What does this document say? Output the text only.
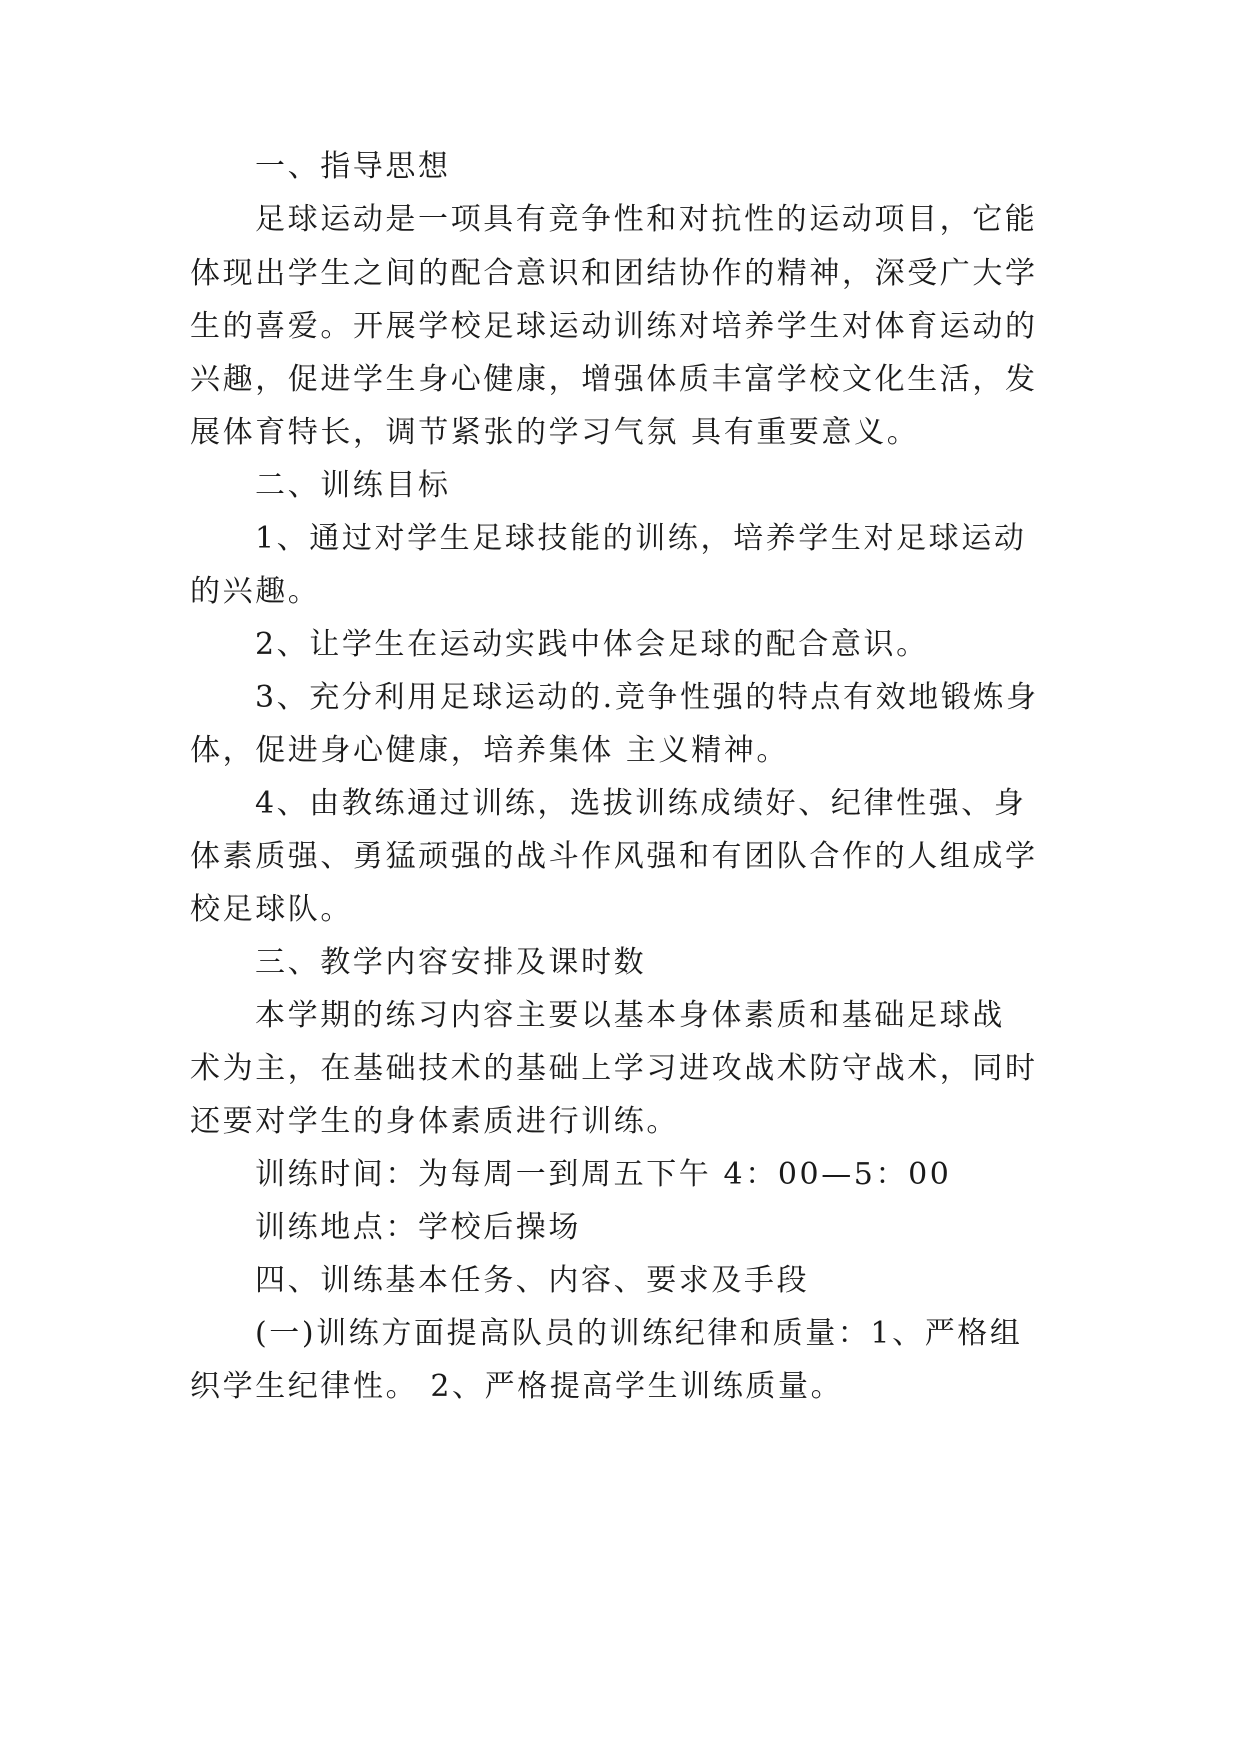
一、指导思想
足球运动是一项具有竞争性和对抗性的运动项目，它能
体现出学生之间的配合意识和团结协作的精神，深受广大学
生的喜爱。开展学校足球运动训练对培养学生对体育运动的
兴趣，促进学生身心健康，增强体质丰富学校文化生活，发
展体育特长，调节紧张的学习气氛 具有重要意义。
二、训练目标
1、通过对学生足球技能的训练，培养学生对足球运动
的兴趣。
2、让学生在运动实践中体会足球的配合意识。
3、充分利用足球运动的.竞争性强的特点有效地锻炼身
体，促进身心健康，培养集体 主义精神。
4、由教练通过训练，选拔训练成绩好、纪律性强、身
体素质强、勇猛顽强的战斗作风强和有团队合作的人组成学
校足球队。
三、教学内容安排及课时数
本学期的练习内容主要以基本身体素质和基础足球战
术为主，在基础技术的基础上学习进攻战术防守战术，同时
还要对学生的身体素质进行训练。
训练时间：为每周一到周五下午 4：00—5：00
训练地点：学校后操场
四、训练基本任务、内容、要求及手段
(一)训练方面提高队员的训练纪律和质量：1、严格组
织学生纪律性。 2、严格提高学生训练质量。
